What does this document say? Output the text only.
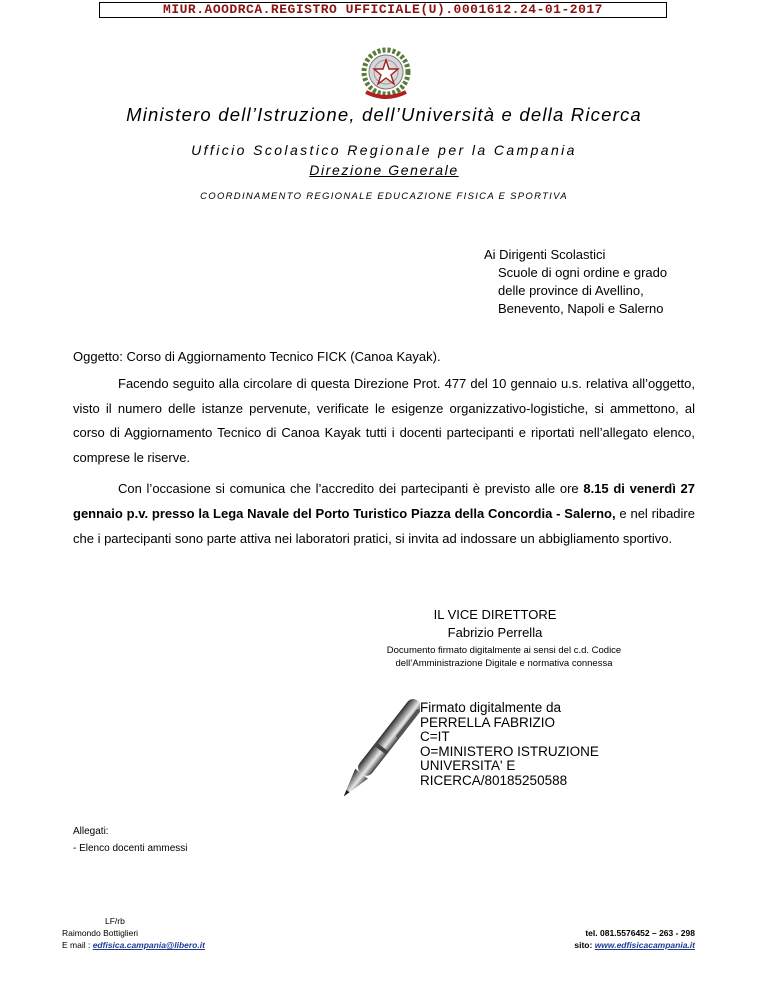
MIUR.AOODRCA.REGISTRO UFFICIALE(U).0001612.24-01-2017
Ministero dell’Istruzione, dell’Università e della Ricerca
Ufficio Scolastico Regionale per la Campania
Direzione Generale
COORDINAMENTO REGIONALE EDUCAZIONE FISICA E SPORTIVA
Ai Dirigenti Scolastici
Scuole di ogni ordine e grado
delle province di Avellino,
Benevento, Napoli e Salerno
Oggetto: Corso di Aggiornamento Tecnico FICK (Canoa Kayak).

Facendo seguito alla circolare di questa Direzione Prot. 477 del 10 gennaio u.s. relativa all’oggetto, visto il numero delle istanze pervenute, verificate le esigenze organizzativo-logistiche, si ammettono, al corso di Aggiornamento Tecnico di Canoa Kayak tutti i docenti partecipanti e riportati nell’allegato elenco, comprese le riserve.

Con l’occasione si comunica che l’accredito dei partecipanti è previsto alle ore 8.15 di venerdì 27 gennaio p.v. presso la Lega Navale del Porto Turistico Piazza della Concordia - Salerno, e nel ribadire che i partecipanti sono parte attiva nei laboratori pratici, si invita ad indossare un abbigliamento sportivo.

IL VICE DIRETTORE
Fabrizio Perrella
Documento firmato digitalmente ai sensi del c.d. Codice
dell’Amministrazione Digitale e normativa connessa
Firmato digitalmente da
PERRELLA FABRIZIO
C=IT
O=MINISTERO ISTRUZIONE
UNIVERSITA' E
RICERCA/80185250588
Allegati:
- Elenco docenti ammessi
LF/rb
Raimondo Bottiglieri
E mail : edfisica.campania@libero.it
tel. 081.5576452 – 263 - 298
sito: www.edfisicacampania.it
